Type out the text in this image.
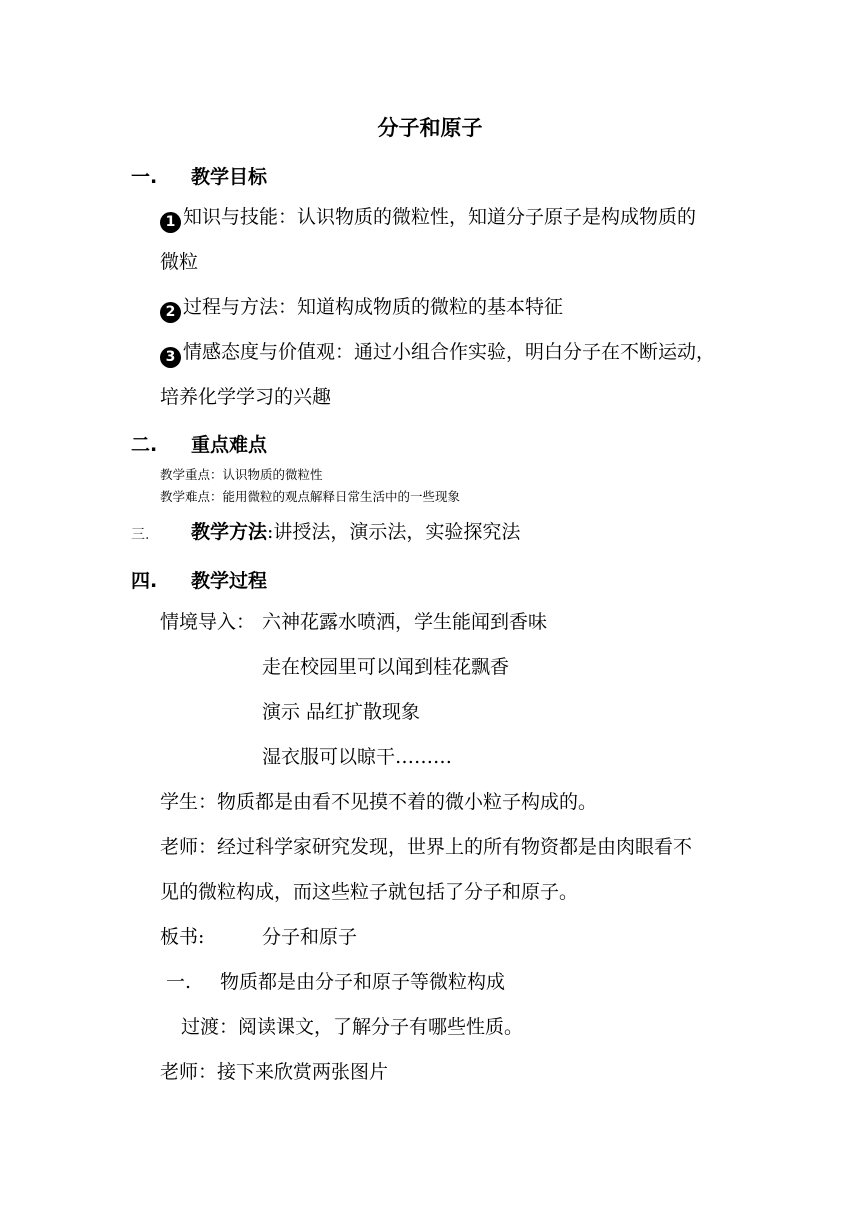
分子和原子
一. 教学目标
1 知识与技能：认识物质的微粒性，知道分子原子是构成物质的
微粒
2 过程与方法：知道构成物质的微粒的基本特征
3 情感态度与价值观：通过小组合作实验，明白分子在不断运动，
培养化学学习的兴趣
二. 重点难点
教学重点：认识物质的微粒性
教学难点：能用微粒的观点解释日常生活中的一些现象
三. 教学方法:讲授法，演示法，实验探究法
四. 教学过程
情境导入： 六神花露水喷洒，学生能闻到香味
走在校园里可以闻到桂花飘香
演示 品红扩散现象
湿衣服可以晾干………
学生：物质都是由看不见摸不着的微小粒子构成的。
老师：经过科学家研究发现，世界上的所有物资都是由肉眼看不
见的微粒构成，而这些粒子就包括了分子和原子。
板书:	分子和原子
一. 物质都是由分子和原子等微粒构成
过渡：阅读课文，了解分子有哪些性质。
老师：接下来欣赏两张图片
